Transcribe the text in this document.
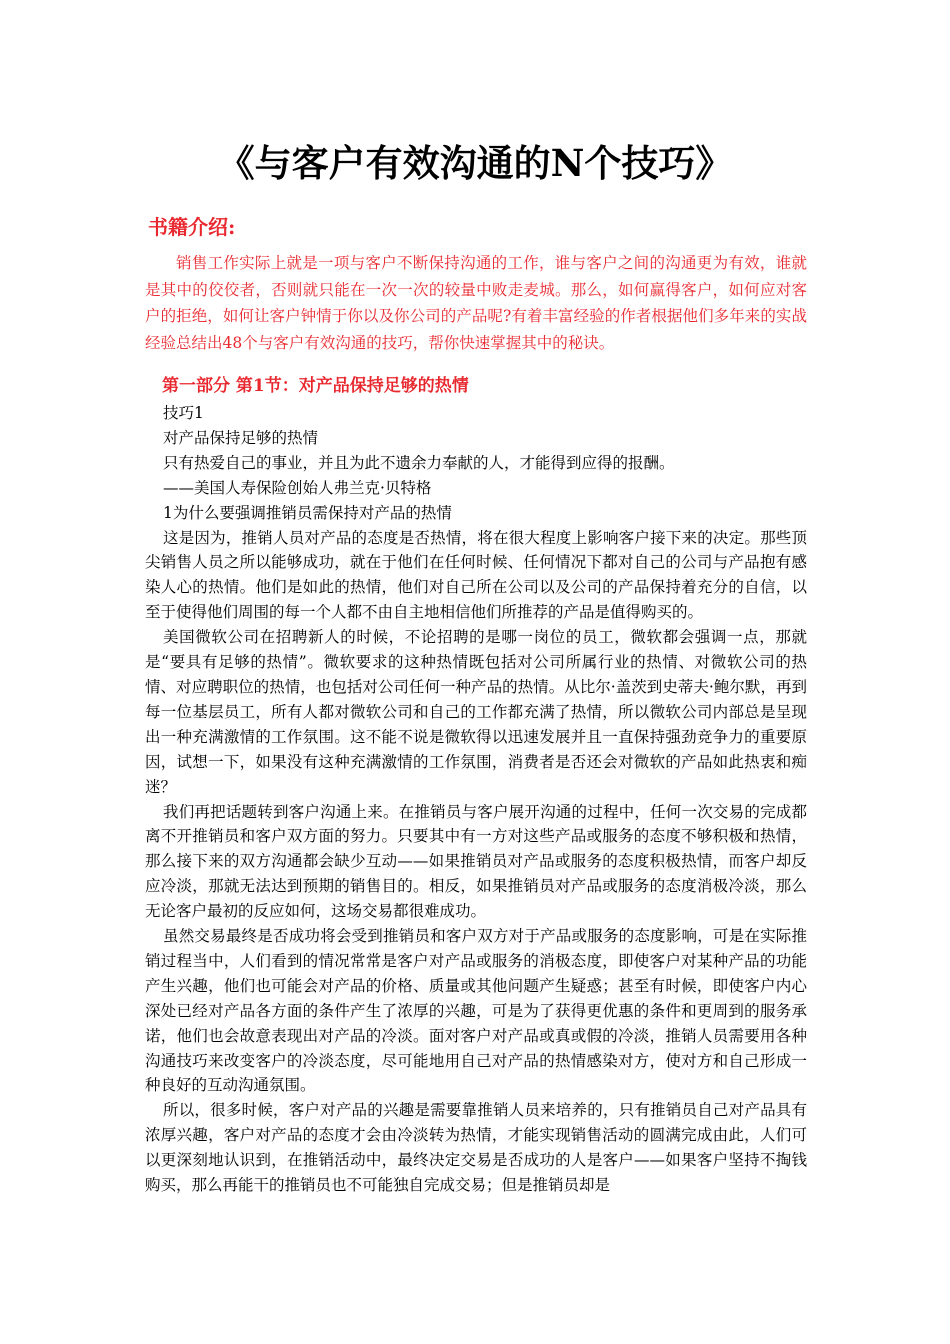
《与客户有效沟通的N个技巧》
书籍介绍:

销售工作实际上就是一项与客户不断保持沟通的工作，谁与客户之间的沟通更为有效，谁就是其中的佼佼者，否则就只能在一次一次的较量中败走麦城。那么，如何赢得客户，如何应对客户的拒绝，如何让客户钟情于你以及你公司的产品呢?有着丰富经验的作者根据他们多年来的实战经验总结出48个与客户有效沟通的技巧，帮你快速掌握其中的秘诀。

第一部分 第1节：对产品保持足够的热情

技巧1

对产品保持足够的热情

只有热爱自己的事业，并且为此不遗余力奉献的人，才能得到应得的报酬。

——美国人寿保险创始人弗兰克·贝特格

1为什么要强调推销员需保持对产品的热情

这是因为，推销人员对产品的态度是否热情，将在很大程度上影响客户接下来的决定。那些顶尖销售人员之所以能够成功，就在于他们在任何时候、任何情况下都对自己的公司与产品抱有感染人心的热情。他们是如此的热情，他们对自己所在公司以及公司的产品保持着充分的自信，以至于使得他们周围的每一个人都不由自主地相信他们所推荐的产品是值得购买的。

美国微软公司在招聘新人的时候，不论招聘的是哪一岗位的员工，微软都会强调一点，那就是“要具有足够的热情”。微软要求的这种热情既包括对公司所属行业的热情、对微软公司的热情、对应聘职位的热情，也包括对公司任何一种产品的热情。从比尔·盖茨到史蒂夫·鲍尔默，再到每一位基层员工，所有人都对微软公司和自己的工作都充满了热情，所以微软公司内部总是呈现出一种充满激情的工作氛围。这不能不说是微软得以迅速发展并且一直保持强劲竞争力的重要原因，试想一下，如果没有这种充满激情的工作氛围，消费者是否还会对微软的产品如此热衷和痴迷？

我们再把话题转到客户沟通上来。在推销员与客户展开沟通的过程中，任何一次交易的完成都离不开推销员和客户双方面的努力。只要其中有一方对这些产品或服务的态度不够积极和热情，那么接下来的双方沟通都会缺少互动——如果推销员对产品或服务的态度积极热情，而客户却反应冷淡，那就无法达到预期的销售目的。相反，如果推销员对产品或服务的态度消极冷淡，那么无论客户最初的反应如何，这场交易都很难成功。

虽然交易最终是否成功将会受到推销员和客户双方对于产品或服务的态度影响，可是在实际推销过程当中，人们看到的情况常常是客户对产品或服务的消极态度，即使客户对某种产品的功能产生兴趣，他们也可能会对产品的价格、质量或其他问题产生疑惑；甚至有时候，即使客户内心深处已经对产品各方面的条件产生了浓厚的兴趣，可是为了获得更优惠的条件和更周到的服务承诺，他们也会故意表现出对产品的冷淡。面对客户对产品或真或假的冷淡，推销人员需要用各种沟通技巧来改变客户的冷淡态度，尽可能地用自己对产品的热情感染对方，使对方和自己形成一种良好的互动沟通氛围。

所以，很多时候，客户对产品的兴趣是需要靠推销人员来培养的，只有推销员自己对产品具有浓厚兴趣，客户对产品的态度才会由冷淡转为热情，才能实现销售活动的圆满完成由此，人们可以更深刻地认识到，在推销活动中，最终决定交易是否成功的人是客户——如果客户坚持不掏钱购买，那么再能干的推销员也不可能独自完成交易；但是推销员却是
